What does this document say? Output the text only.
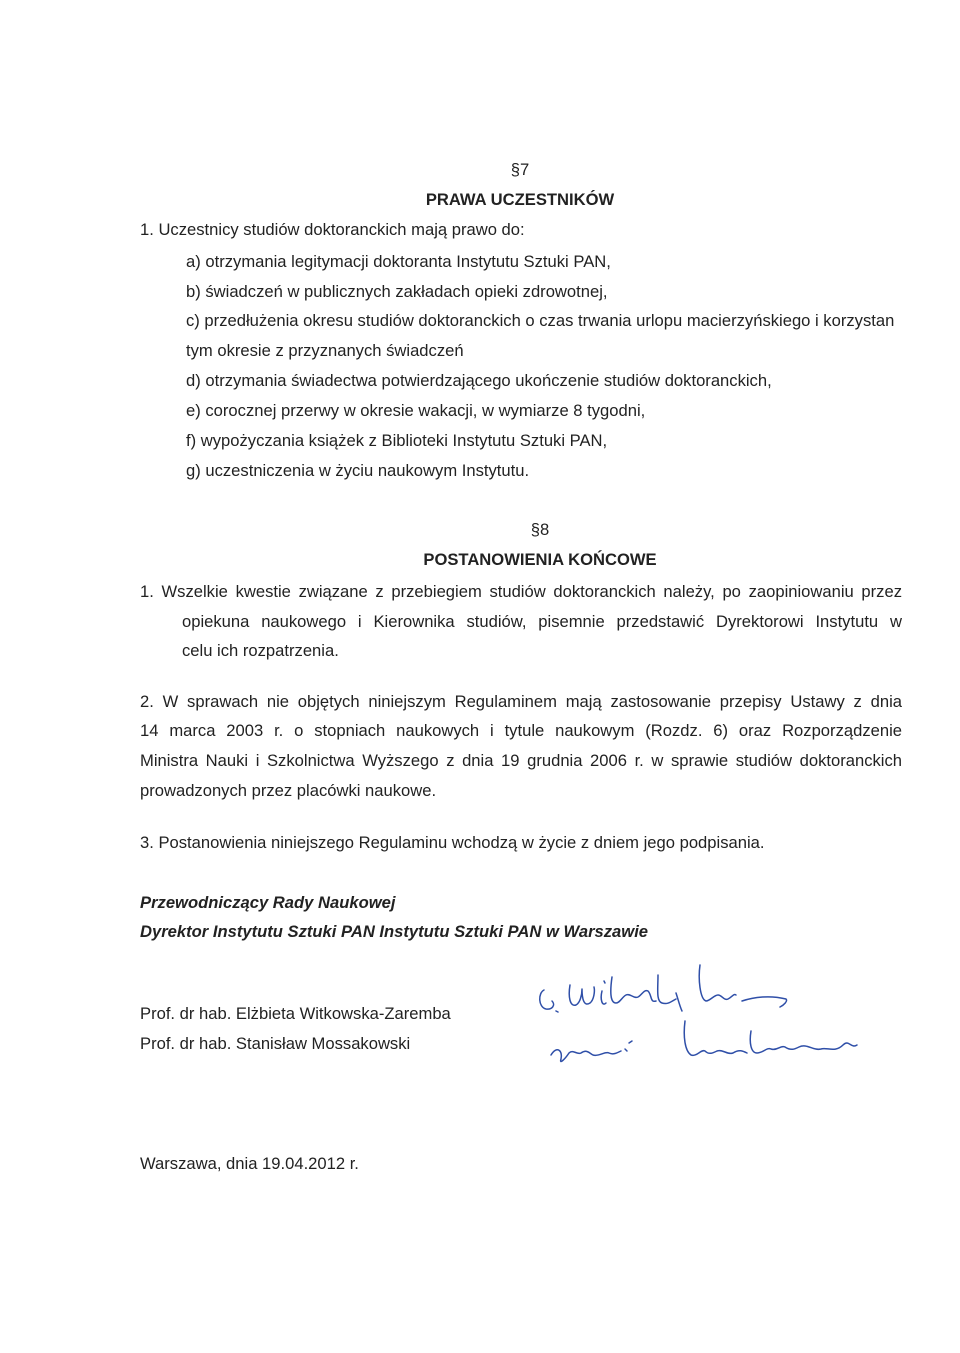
§7
PRAWA UCZESTNIKÓW
1. Uczestnicy studiów doktoranckich mają prawo do:
a) otrzymania legitymacji doktoranta Instytutu Sztuki PAN,
b) świadczeń w publicznych zakładach opieki zdrowotnej,
c) przedłużenia okresu studiów doktoranckich o czas trwania urlopu macierzyńskiego i korzystan
tym okresie z przyznanych świadczeń
d) otrzymania świadectwa potwierdzającego ukończenie studiów doktoranckich,
e) corocznej przerwy w okresie wakacji, w wymiarze 8 tygodni,
f) wypożyczania książek z Biblioteki Instytutu Sztuki PAN,
g) uczestniczenia w życiu naukowym Instytutu.
§8
POSTANOWIENIA KOŃCOWE
1. Wszelkie kwestie związane z przebiegiem studiów doktoranckich należy, po zaopiniowaniu przez
opiekuna naukowego i Kierownika studiów, pisemnie przedstawić Dyrektorowi Instytutu w
celu ich rozpatrzenia.
2. W sprawach nie objętych niniejszym Regulaminem mają zastosowanie przepisy Ustawy z dnia
14 marca 2003 r. o stopniach naukowych i tytule naukowym (Rozdz. 6) oraz Rozporządzenie
Ministra Nauki i Szkolnictwa Wyższego z dnia 19 grudnia 2006 r. w sprawie studiów doktoranckich
prowadzonych przez placówki naukowe.
3. Postanowienia niniejszego Regulaminu wchodzą w życie z dniem jego podpisania.
Przewodniczący Rady Naukowej
Dyrektor Instytutu Sztuki PAN Instytutu Sztuki PAN w Warszawie
Prof. dr hab. Elżbieta Witkowska-Zaremba
Prof. dr hab. Stanisław Mossakowski
Warszawa, dnia 19.04.2012 r.
